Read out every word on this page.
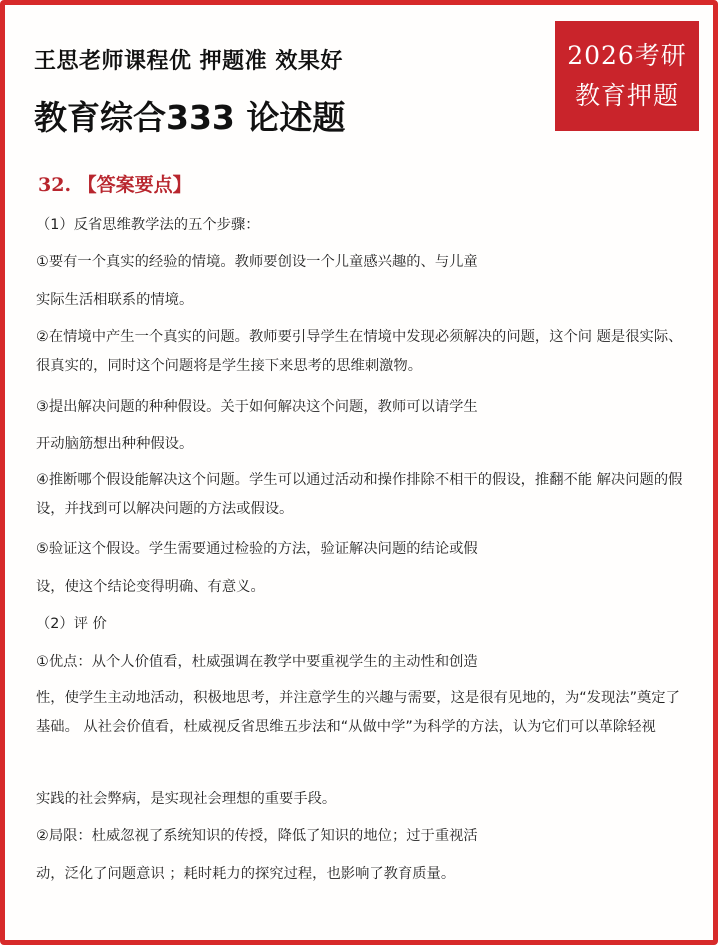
王思老师课程优 押题准 效果好
教育综合333 论述题
2026考研
教育押题
32. 【答案要点】
（1）反省思维教学法的五个步骤：
①要有一个真实的经验的情境。教师要创设一个儿童感兴趣的、与儿童
实际生活相联系的情境。
②在情境中产生一个真实的问题。教师要引导学生在情境中发现必须解决的问题，这个问 题是很实际、很真实的，同时这个问题将是学生接下来思考的思维刺激物。
③提出解决问题的种种假设。关于如何解决这个问题，教师可以请学生
开动脑筋想出种种假设。
④推断哪个假设能解决这个问题。学生可以通过活动和操作排除不相干的假设，推翻不能 解决问题的假设，并找到可以解决问题的方法或假设。
⑤验证这个假设。学生需要通过检验的方法，验证解决问题的结论或假
设，使这个结论变得明确、有意义。
（2）评 价
①优点：从个人价值看，杜威强调在教学中要重视学生的主动性和创造
性，使学生主动地活动，积极地思考，并注意学生的兴趣与需要，这是很有见地的，为“发现法”奠定了基础。 从社会价值看，杜威视反省思维五步法和“从做中学”为科学的方法，认为它们可以革除轻视
实践的社会弊病，是实现社会理想的重要手段。
②局限：杜威忽视了系统知识的传授，降低了知识的地位；过于重视活
动，泛化了问题意识 ；耗时耗力的探究过程，也影响了教育质量。
